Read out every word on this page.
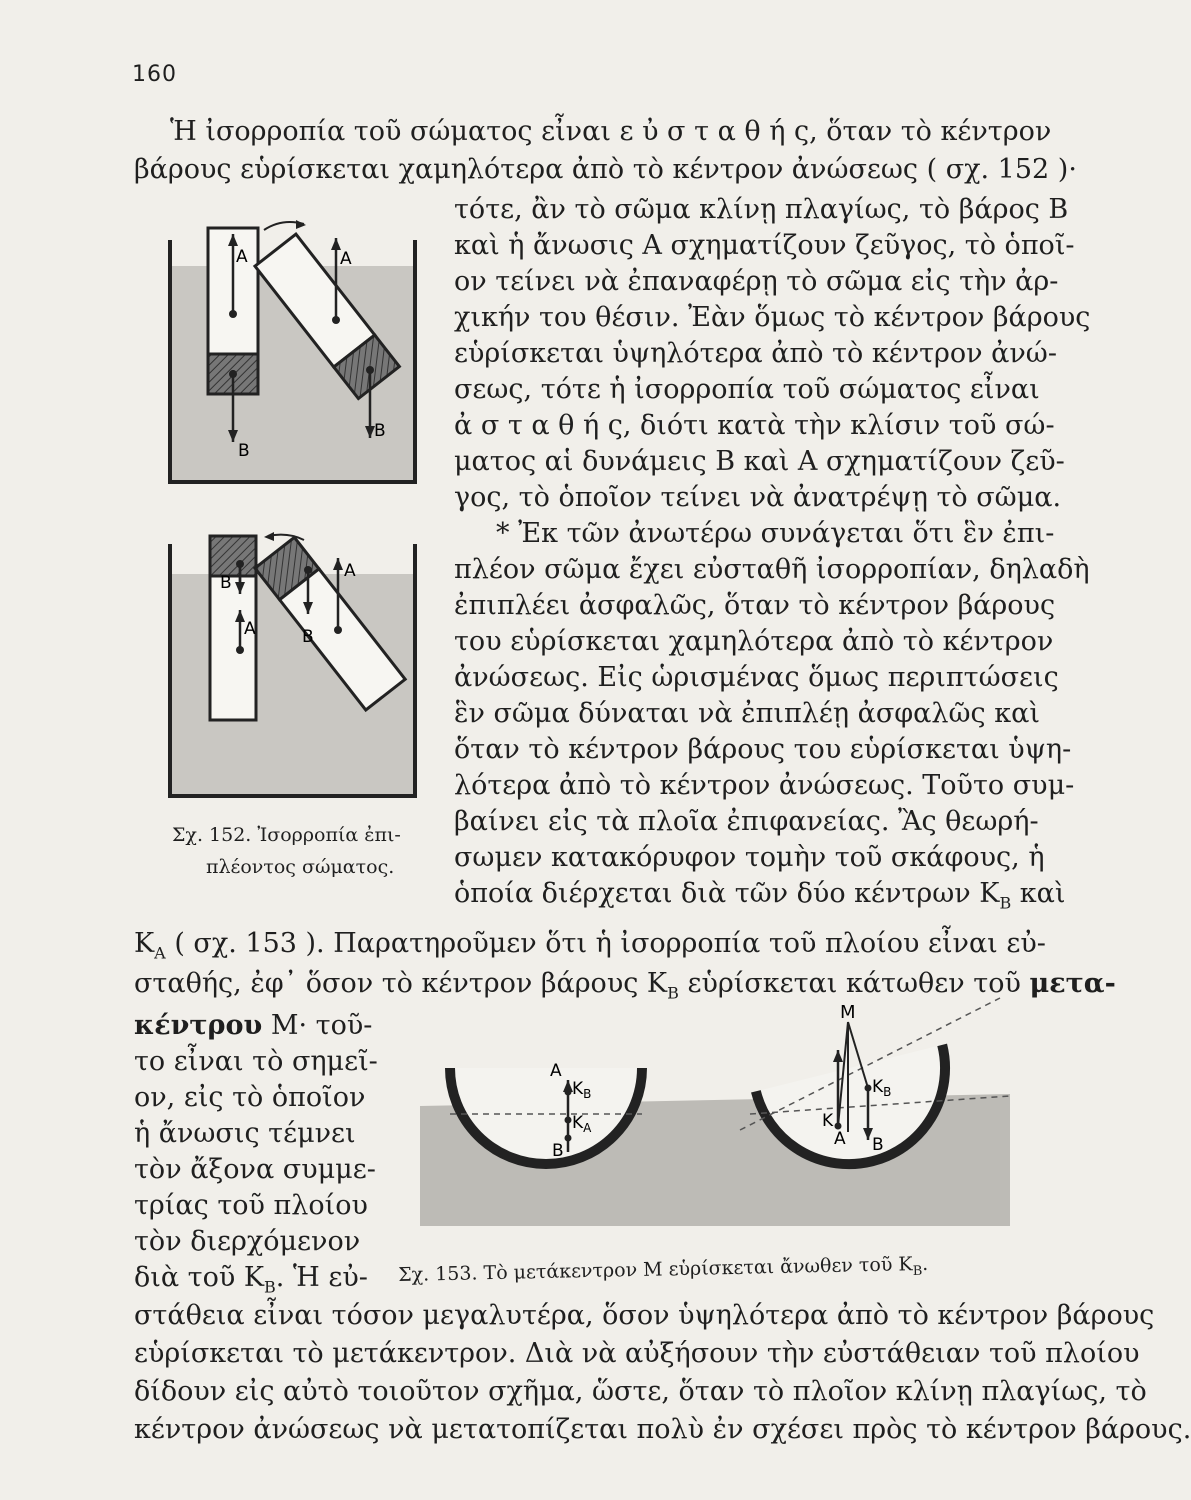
160
Ἡ ἰσορροπία τοῦ σώματος εἶναι ε ὐ σ τ α θ ή ς, ὅταν τὸ κέντρον
βάρους εὑρίσκεται χαμηλότερα ἀπὸ τὸ κέντρον ἀνώσεως ( σχ. 152 )·
τότε, ἂν τὸ σῶμα κλίνῃ πλαγίως, τὸ βάρος Β
καὶ ἡ ἄνωσις Α σχηματίζουν ζεῦγος, τὸ ὁποῖ-
ον τείνει νὰ ἐπαναφέρῃ τὸ σῶμα εἰς τὴν ἀρ-
χικήν του θέσιν. Ἐὰν ὅμως τὸ κέντρον βάρους
εὑρίσκεται ὑψηλότερα ἀπὸ τὸ κέντρον ἀνώ-
σεως, τότε ἡ ἰσορροπία τοῦ σώματος εἶναι
ἀ σ τ α θ ή ς, διότι κατὰ τὴν κλίσιν τοῦ σώ-
ματος αἱ δυνάμεις Β καὶ Α σχηματίζουν ζεῦ-
γος, τὸ ὁποῖον τείνει νὰ ἀνατρέψῃ τὸ σῶμα.
* Ἐκ τῶν ἀνωτέρω συνάγεται ὅτι ἓν ἐπι-
πλέον σῶμα ἔχει εὐσταθῆ ἰσορροπίαν, δηλαδὴ
ἐπιπλέει ἀσφαλῶς, ὅταν τὸ κέντρον βάρους
του εὑρίσκεται χαμηλότερα ἀπὸ τὸ κέντρον
ἀνώσεως. Εἰς ὡρισμένας ὅμως περιπτώσεις
ἓν σῶμα δύναται νὰ ἐπιπλέῃ ἀσφαλῶς καὶ
ὅταν τὸ κέντρον βάρους του εὑρίσκεται ὑψη-
λότερα ἀπὸ τὸ κέντρον ἀνώσεως. Τοῦτο συμ-
βαίνει εἰς τὰ πλοῖα ἐπιφανείας. Ἂς θεωρή-
σωμεν κατακόρυφον τομὴν τοῦ σκάφους, ἡ
ὁποία διέρχεται διὰ τῶν δύο κέντρων $K_B$ καὶ
A
B
A
B
B
A
A
B
Σχ. 152. Ἰσορροπία ἐπι-
πλέοντος σώματος.
$K_A$ ( σχ. 153 ). Παρατηροῦμεν ὅτι ἡ ἰσορροπία τοῦ πλοίου εἶναι εὐ-
σταθής, ἐφ᾽ ὅσον τὸ κέντρον βάρους $K_B$ εὑρίσκεται κάτωθεν τοῦ μετα-
κέντρου Μ· τοῦ-
το εἶναι τὸ σημεῖ-
ον, εἰς τὸ ὁποῖον
ἡ ἄνωσις τέμνει
τὸν ἄξονα συμμε-
τρίας τοῦ πλοίου
τὸν διερχόμενον
διὰ τοῦ $K_B$. Ἡ εὐ-
A
$K_B$
$K_A$
B
M
$K_B$
K
A B
Σχ. 153. Τὸ μετάκεντρον Μ εὑρίσκεται ἄνωθεν τοῦ $K_B$.
στάθεια εἶναι τόσον μεγαλυτέρα, ὅσον ὑψηλότερα ἀπὸ τὸ κέντρον βάρους
εὑρίσκεται τὸ μετάκεντρον. Διὰ νὰ αὐξήσουν τὴν εὐστάθειαν τοῦ πλοίου
δίδουν εἰς αὐτὸ τοιοῦτον σχῆμα, ὥστε, ὅταν τὸ πλοῖον κλίνῃ πλαγίως, τὸ
κέντρον ἀνώσεως νὰ μετατοπίζεται πολὺ ἐν σχέσει πρὸς τὸ κέντρον βάρους.
